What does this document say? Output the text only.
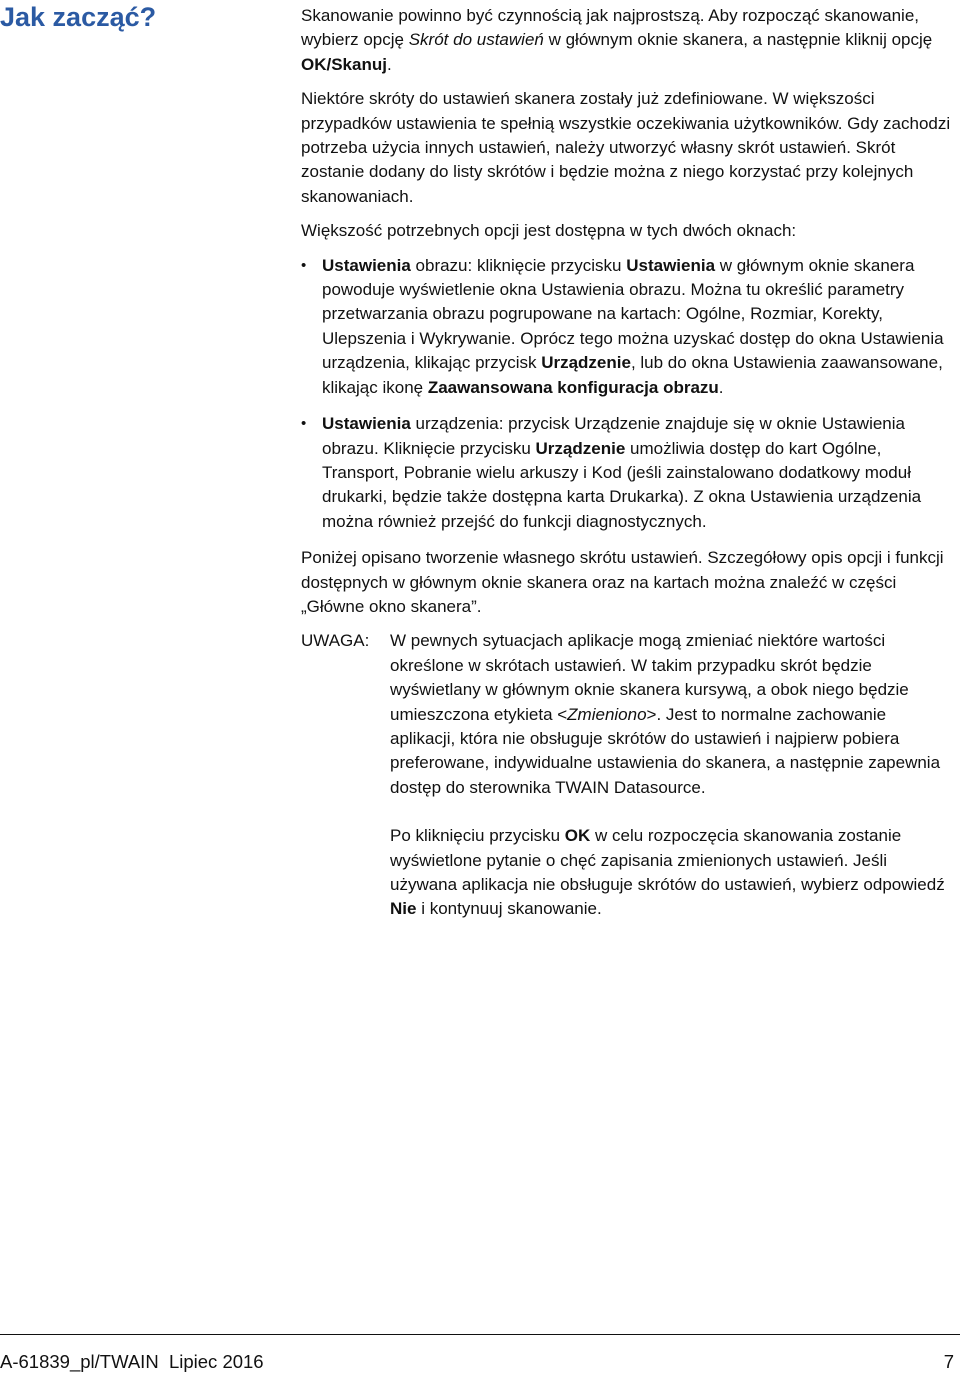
Jak zacząć?	Skanowanie powinno być czynnością jak najprostszą. Aby rozpocząć skanowanie, wybierz opcję Skrót do ustawień w głównym oknie skanera, a następnie kliknij opcję OK/Skanuj.

Niektóre skróty do ustawień skanera zostały już zdefiniowane. W większości przypadków ustawienia te spełnią wszystkie oczekiwania użytkowników. Gdy zachodzi potrzeba użycia innych ustawień, należy utworzyć własny skrót ustawień. Skrót zostanie dodany do listy skrótów i będzie można z niego korzystać przy kolejnych skanowaniach.

Większość potrzebnych opcji jest dostępna w tych dwóch oknach:

• Ustawienia obrazu: kliknięcie przycisku Ustawienia w głównym oknie skanera powoduje wyświetlenie okna Ustawienia obrazu. Można tu określić parametry przetwarzania obrazu pogrupowane na kartach: Ogólne, Rozmiar, Korekty, Ulepszenia i Wykrywanie. Oprócz tego można uzyskać dostęp do okna Ustawienia urządzenia, klikając przycisk Urządzenie, lub do okna Ustawienia zaawansowane, klikając ikonę Zaawansowana konfiguracja obrazu.
• Ustawienia urządzenia: przycisk Urządzenie znajduje się w oknie Ustawienia obrazu. Kliknięcie przycisku Urządzenie umożliwia dostęp do kart Ogólne, Transport, Pobranie wielu arkuszy i Kod (jeśli zainstalowano dodatkowy moduł drukarki, będzie także dostępna karta Drukarka). Z okna Ustawienia urządzenia można również przejść do funkcji diagnostycznych.

Poniżej opisano tworzenie własnego skrótu ustawień. Szczegółowy opis opcji i funkcji dostępnych w głównym oknie skanera oraz na kartach można znaleźć w części „Główne okno skanera”.

UWAGA: W pewnych sytuacjach aplikacje mogą zmieniać niektóre wartości określone w skrótach ustawień. W takim przypadku skrót będzie wyświetlany w głównym oknie skanera kursywą, a obok niego będzie umieszczona etykieta <Zmieniono>. Jest to normalne zachowanie aplikacji, która nie obsługuje skrótów do ustawień i najpierw pobiera preferowane, indywidualne ustawienia do skanera, a następnie zapewnia dostęp do sterownika TWAIN Datasource.

Po kliknięciu przycisku OK w celu rozpoczęcia skanowania zostanie wyświetlone pytanie o chęć zapisania zmienionych ustawień. Jeśli używana aplikacja nie obsługuje skrótów do ustawień, wybierz odpowiedź Nie i kontynuuj skanowanie.

A-61839_pl/TWAIN  Lipiec 2016	7
